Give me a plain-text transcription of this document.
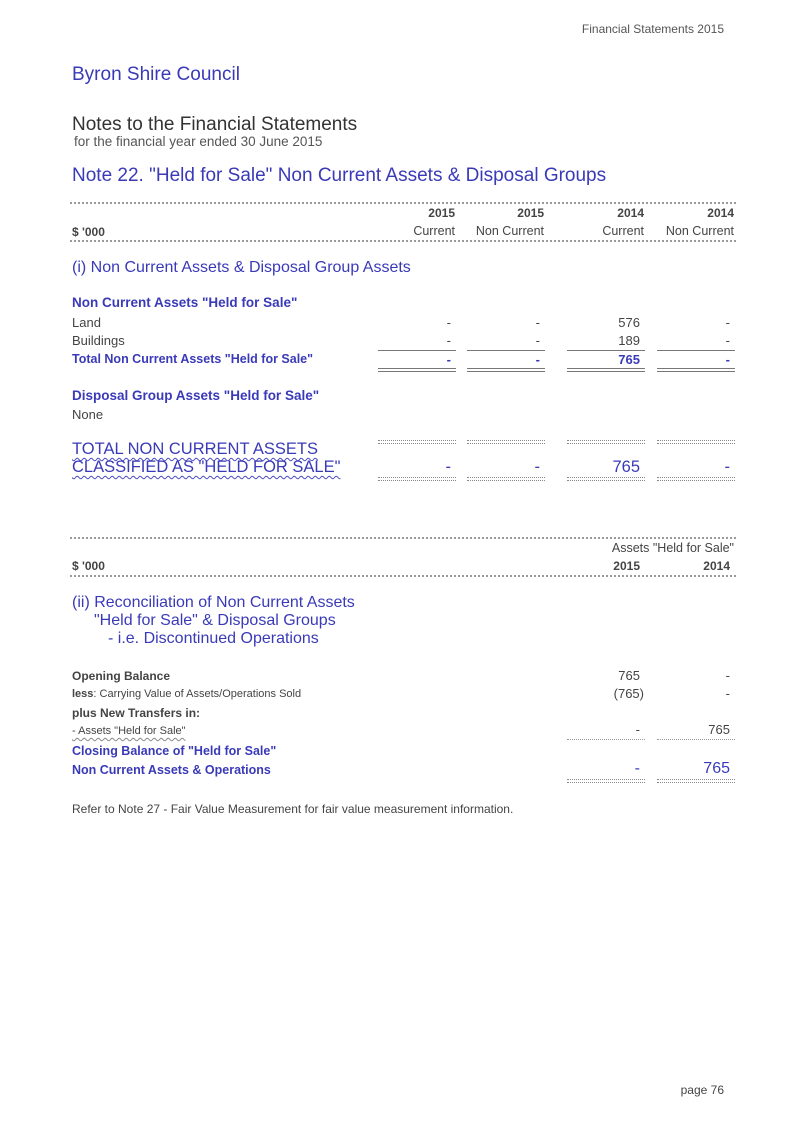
Financial Statements 2015
Byron Shire Council
Notes to the Financial Statements
for the financial year ended 30 June 2015
Note 22. "Held for Sale" Non Current Assets & Disposal Groups
2015	2015	2014	2014
$ '000	Current	Non Current	Current	Non Current
(i) Non Current Assets & Disposal Group Assets
Non Current Assets "Held for Sale"
Land	-	-	576	-
Buildings	-	-	189	-
Total Non Current Assets "Held for Sale"	-	-	765	-
Disposal Group Assets "Held for Sale"
None
TOTAL NON CURRENT ASSETS
CLASSIFIED AS "HELD FOR SALE"	-	-	765	-
Assets "Held for Sale"
$ '000	2015	2014
(ii) Reconciliation of Non Current Assets
"Held for Sale" & Disposal Groups
- i.e. Discontinued Operations
Opening Balance	765	-
less: Carrying Value of Assets/Operations Sold	(765)	-
plus New Transfers in:
- Assets "Held for Sale"	-	765
Closing Balance of "Held for Sale"
Non Current Assets & Operations	-	765
Refer to Note 27 - Fair Value Measurement for fair value measurement information.
page 76
